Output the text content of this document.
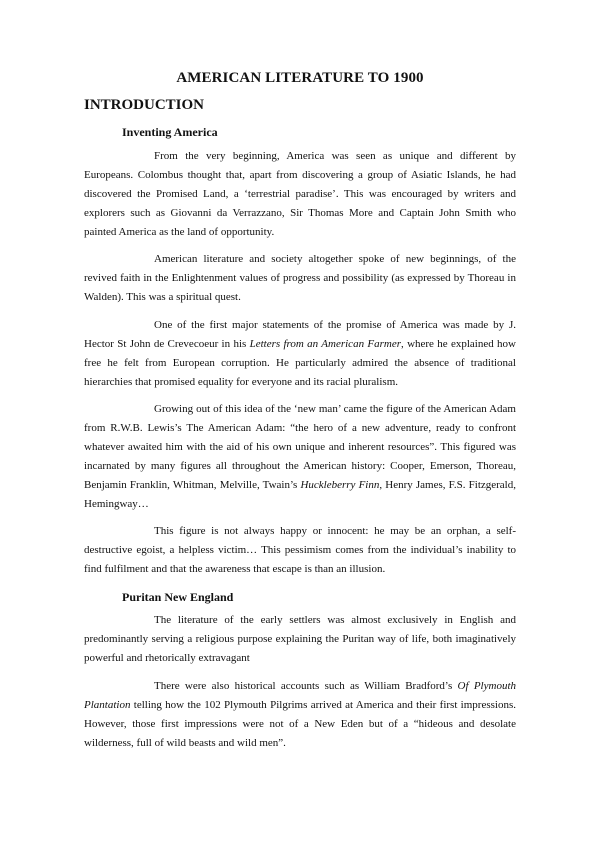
AMERICAN LITERATURE TO 1900
INTRODUCTION
Inventing America

From the very beginning, America was seen as unique and different by Europeans. Colombus thought that, apart from discovering a group of Asiatic Islands, he had discovered the Promised Land, a ‘terrestrial paradise’. This was encouraged by writers and explorers such as Giovanni da Verrazzano, Sir Thomas More and Captain John Smith who painted America as the land of opportunity.

American literature and society altogether spoke of new beginnings, of the revived faith in the Enlightenment values of progress and possibility (as expressed by Thoreau in Walden). This was a spiritual quest.

One of the first major statements of the promise of America was made by J. Hector St John de Crevecoeur in his Letters from an American Farmer, where he explained how free he felt from European corruption. He particularly admired the absence of traditional hierarchies that promised equality for everyone and its racial pluralism.

Growing out of this idea of the ‘new man’ came the figure of the American Adam from R.W.B. Lewis’s The American Adam: “the hero of a new adventure, ready to confront whatever awaited him with the aid of his own unique and inherent resources”. This figured was incarnated by many figures all throughout the American history: Cooper, Emerson, Thoreau, Benjamin Franklin, Whitman, Melville, Twain’s Huckleberry Finn, Henry James, F.S. Fitzgerald, Hemingway…

This figure is not always happy or innocent: he may be an orphan, a self-destructive egoist, a helpless victim… This pessimism comes from the individual’s inability to find fulfilment and that the awareness that escape is than an illusion.

Puritan New England

The literature of the early settlers was almost exclusively in English and predominantly serving a religious purpose explaining the Puritan way of life, both imaginatively powerful and rhetorically extravagant

There were also historical accounts such as William Bradford’s Of Plymouth Plantation telling how the 102 Plymouth Pilgrims arrived at America and their first impressions. However, those first impressions were not of a New Eden but of a “hideous and desolate wilderness, full of wild beasts and wild men”.
